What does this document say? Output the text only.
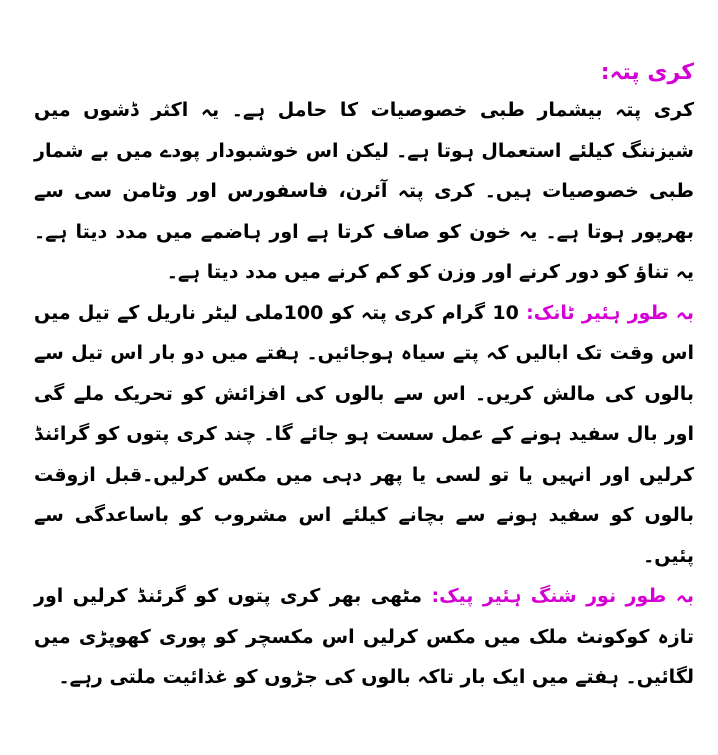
کری پتہ:

کری پتہ بیشمار طبی خصوصیات کا حامل ہے۔ یہ اکثر ڈشوں میں شیزننگ کیلئے استعمال ہوتا ہے۔ لیکن اس خوشبودار پودے میں بے شمار طبی خصوصیات ہیں۔ کری پتہ آئرن، فاسفورس اور وٹامن سی سے بھرپور ہوتا ہے۔ یہ خون کو صاف کرتا ہے اور ہاضمے میں مدد دیتا ہے۔ یہ تناؤ کو دور کرنے اور وزن کو کم کرنے میں مدد دیتا ہے۔

بہ طور ہئیر ٹانک: 10 گرام کری پتہ کو 100ملی لیٹر ناریل کے تیل میں اس وقت تک ابالیں کہ پتے سیاہ ہوجائیں۔ ہفتے میں دو بار اس تیل سے بالوں کی مالش کریں۔ اس سے بالوں کی افزائش کو تحریک ملے گی اور بال سفید ہونے کے عمل سست ہو جائے گا۔ چند کری پتوں کو گرائنڈ کرلیں اور انہیں یا تو لسی یا پھر دہی میں مکس کرلیں۔قبل ازوقت بالوں کو سفید ہونے سے بچانے کیلئے اس مشروب کو باساعدگی سے پئیں۔

بہ طور نور شنگ ہئیر پیک: مٹھی بھر کری پتوں کو گرئنڈ کرلیں اور تازہ کوکونٹ ملک میں مکس کرلیں اس مکسچر کو پوری کھوپڑی میں لگائیں۔ ہفتے میں ایک بار تاکہ بالوں کی جڑوں کو غذائیت ملتی رہے۔
